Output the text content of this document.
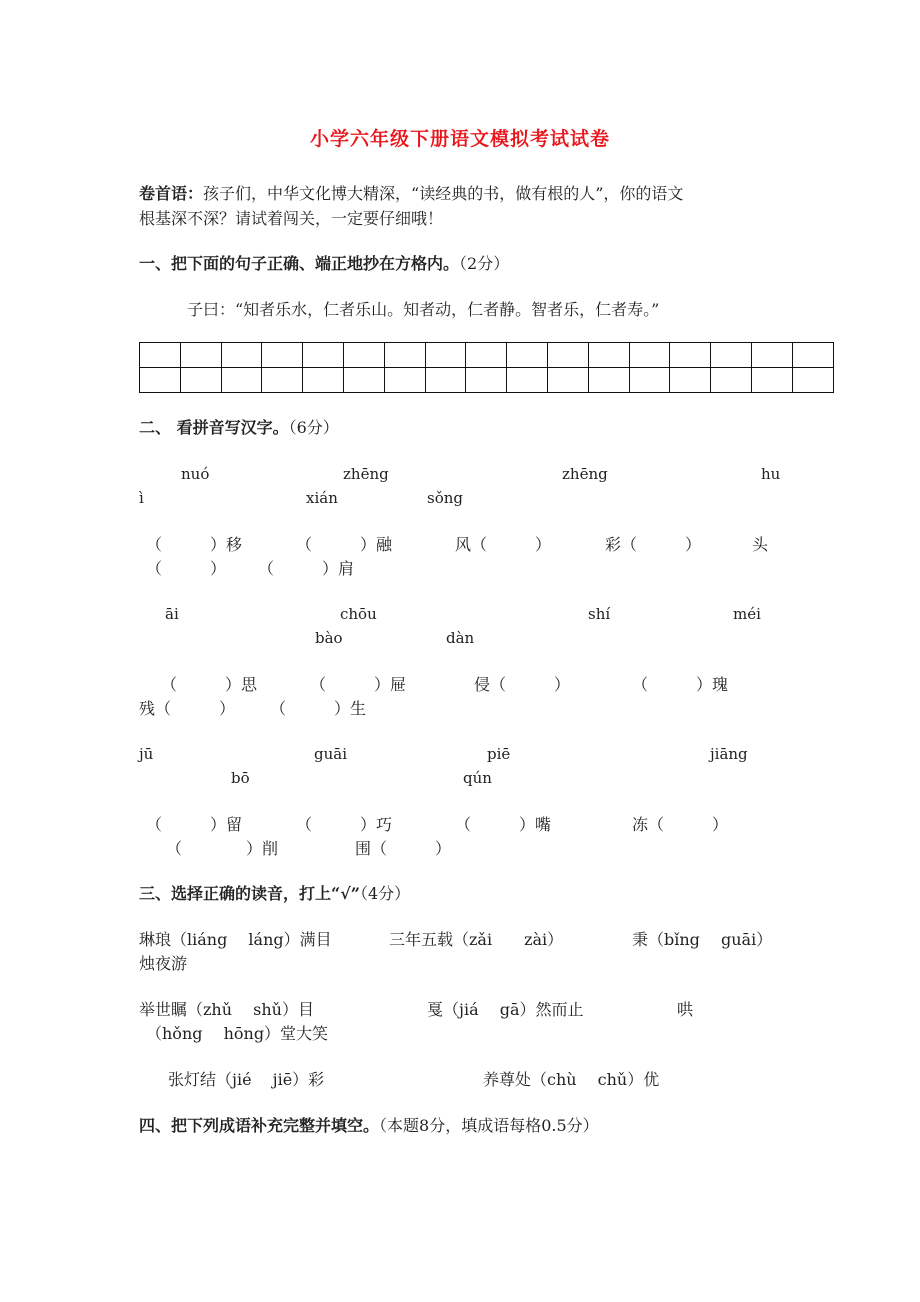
小学六年级下册语文模拟考试试卷
卷首语：孩子们，中华文化博大精深，“读经典的书，做有根的人”，你的语文
根基深不深？请试着闯关，一定要仔细哦！
一、把下面的句子正确、端正地抄在方格内。（2分）
子曰：“知者乐水，仁者乐山。知者动，仁者静。智者乐，仁者寿。”

二、 看拼音写汉字。（6分）
nuó	zhēng	zhēng	hu
ì	xián	sǒng
（　　　）移	（　　　）融	风（　　　）	彩（　　　）	头
（　　　） （　　　）肩
āi	chōu	shí	méi
bào	dàn
（　　　）思	（　　　）屉	侵（　　　）	（　　　）瑰
残（　　　） （　　　）生
jū	guāi	piē	jiāng
bō	qún
（　　　）留	（　　　）巧	（　　　）嘴	冻（　　　）
（　　　　）削	围（　　　）
三、选择正确的读音，打上“√”（4分）
琳琅（liáng　 láng）满目	三年五载（zǎi　　zài）	秉（bǐng　 guāi）
烛夜游
举世瞩（zhǔ　 shǔ）目	戛（jiá　 gā）然而止	哄
（hǒng　 hōng）堂大笑
张灯结（jié　 jiē）彩	养尊处（chù　 chǔ）优
四、把下列成语补充完整并填空。（本题8分，填成语每格0.5分）
